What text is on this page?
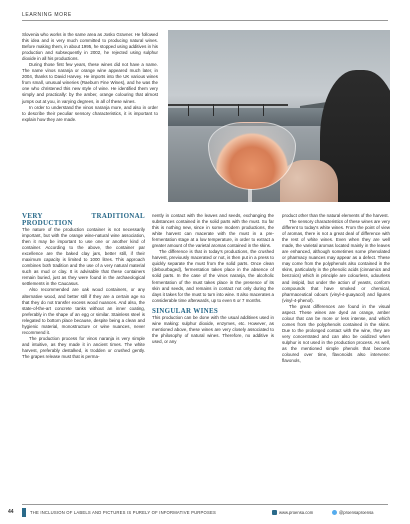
LEARNING MORE

Slovenia who works in the same area as Josko Gravner. He followed this idea and is very much committed to producing natural wines. Before making them, in about 1995, he stopped using additives in his production and subsequently in 2002, he rejected using sulphur dioxide in all his productions.

During those first few years, these wines did not have a name. The name vinos naranja or orange wine appeared much later, in 2004, thanks to David Harvey. He imports into the UK various wines from small, unusual wineries (Raeburn Fine Wines), and he was the one who christened this new style of wine. He identified them very simply and practically: by the amber, orange colouring that almost jumps out at you, in varying degrees, in all of these wines.

In order to understand the vinos naranja more, and also in order to describe their peculiar sensory characteristics, it is important to explain how they are made.

VERY TRADITIONAL PRODUCTION

The nature of the production container is not necessarily important, but with the orange wine-natural wine association, then it may be important to use one or another kind of container. According to the above, the container par excellence are the baked clay jars, better still, if their maximum capacity is limited to 1000 litres. This approach combines both tradition and the use of a very natural material such as mud or clay. It is advisable that these containers remain buried, just as they were found in the archaeological settlements in the Caucasus.

Also recommended are oak wood containers, or any alternative wood, and better still if they are a certain age so that they do not transfer excess wood nuances. And also, the state-of-the-art concrete tanks without an inner coating, preferably in the shape of an egg or similar. Stainless steel is relegated to bottom place because, despite being a clean and hygienic material, monostructure or wine nuances, never recommend it.

The production process for vinos naranja is very simple and intuitive, as they made it in ancient times. The white harvest, preferably destalked, is trodden or crushed gently. The grapes release must that is perma-

nently in contact with the leaves and seeds, exchanging the substances contained in the solid parts with the must. So far this is nothing new, since in some modern productions, the white harvest can macerate with the must in a pre-fermentation stage at a low temperature, in order to extract a greater amount of the varietal aromas contained in the skins.

The difference is that in today's productions, the crushed harvest, previously macerated or not, is then put in a press to quickly separate the must from the solid parts. Once clean (debourbaged), fermentation takes place in the absence of solid parts. In the case of the vinos naranja, the alcoholic fermentation of the must takes place in the presence of its skin and seeds, and remains in contact not only during the days it takes for the must to turn into wine. It also macerates a considerable time afterwards, up to even 6 or 7 months.

SINGULAR WINES

This production can be done with the usual additives used in wine making: sulphur dioxide, enzymes, etc. However, as mentioned above, these wines are very closely associated to the philosophy of natural wines. Therefore, no additive is used, or any

product other than the natural elements of the harvest.

The sensory characteristics of these wines are very different to today's white wines. From the point of view of aromas, there is not a great deal of difference with the rest of white wines. Even when they are well made, the varietal aromas located mainly in the leaves are enhanced, although sometimes some phenolated or pharmacy nuances may appear as a defect. These may come from the polyphenols also contained in the skins, particularly in the phenolic acids (cinnamics and benzoics) which in principle are colourless, odourless and insipid, but under the action of yeasts, conform compounds that have smoked or chemical, pharmaceutical odours (vinyl-4-guayacol) and ligures (vinyl-4-phenol).

The great differences are found in the visual aspect. These wines are dyed an orange, amber colour that can be more or less intense, and which comes from the polyphenols contained in the skins. Due to the prolonged contact with the wine, they are very concentrated and can also be oxidized when sulphur is not used in the production process. As well, as the mentioned simple phenols that become coloured over time, flavonoids also intervene: flavonols,

44	THE INCLUSION OF LABELS AND PICTURES IS PURELY OF INFORMATIVE PURPOSES	www.proensa.com	@proensaproensa
